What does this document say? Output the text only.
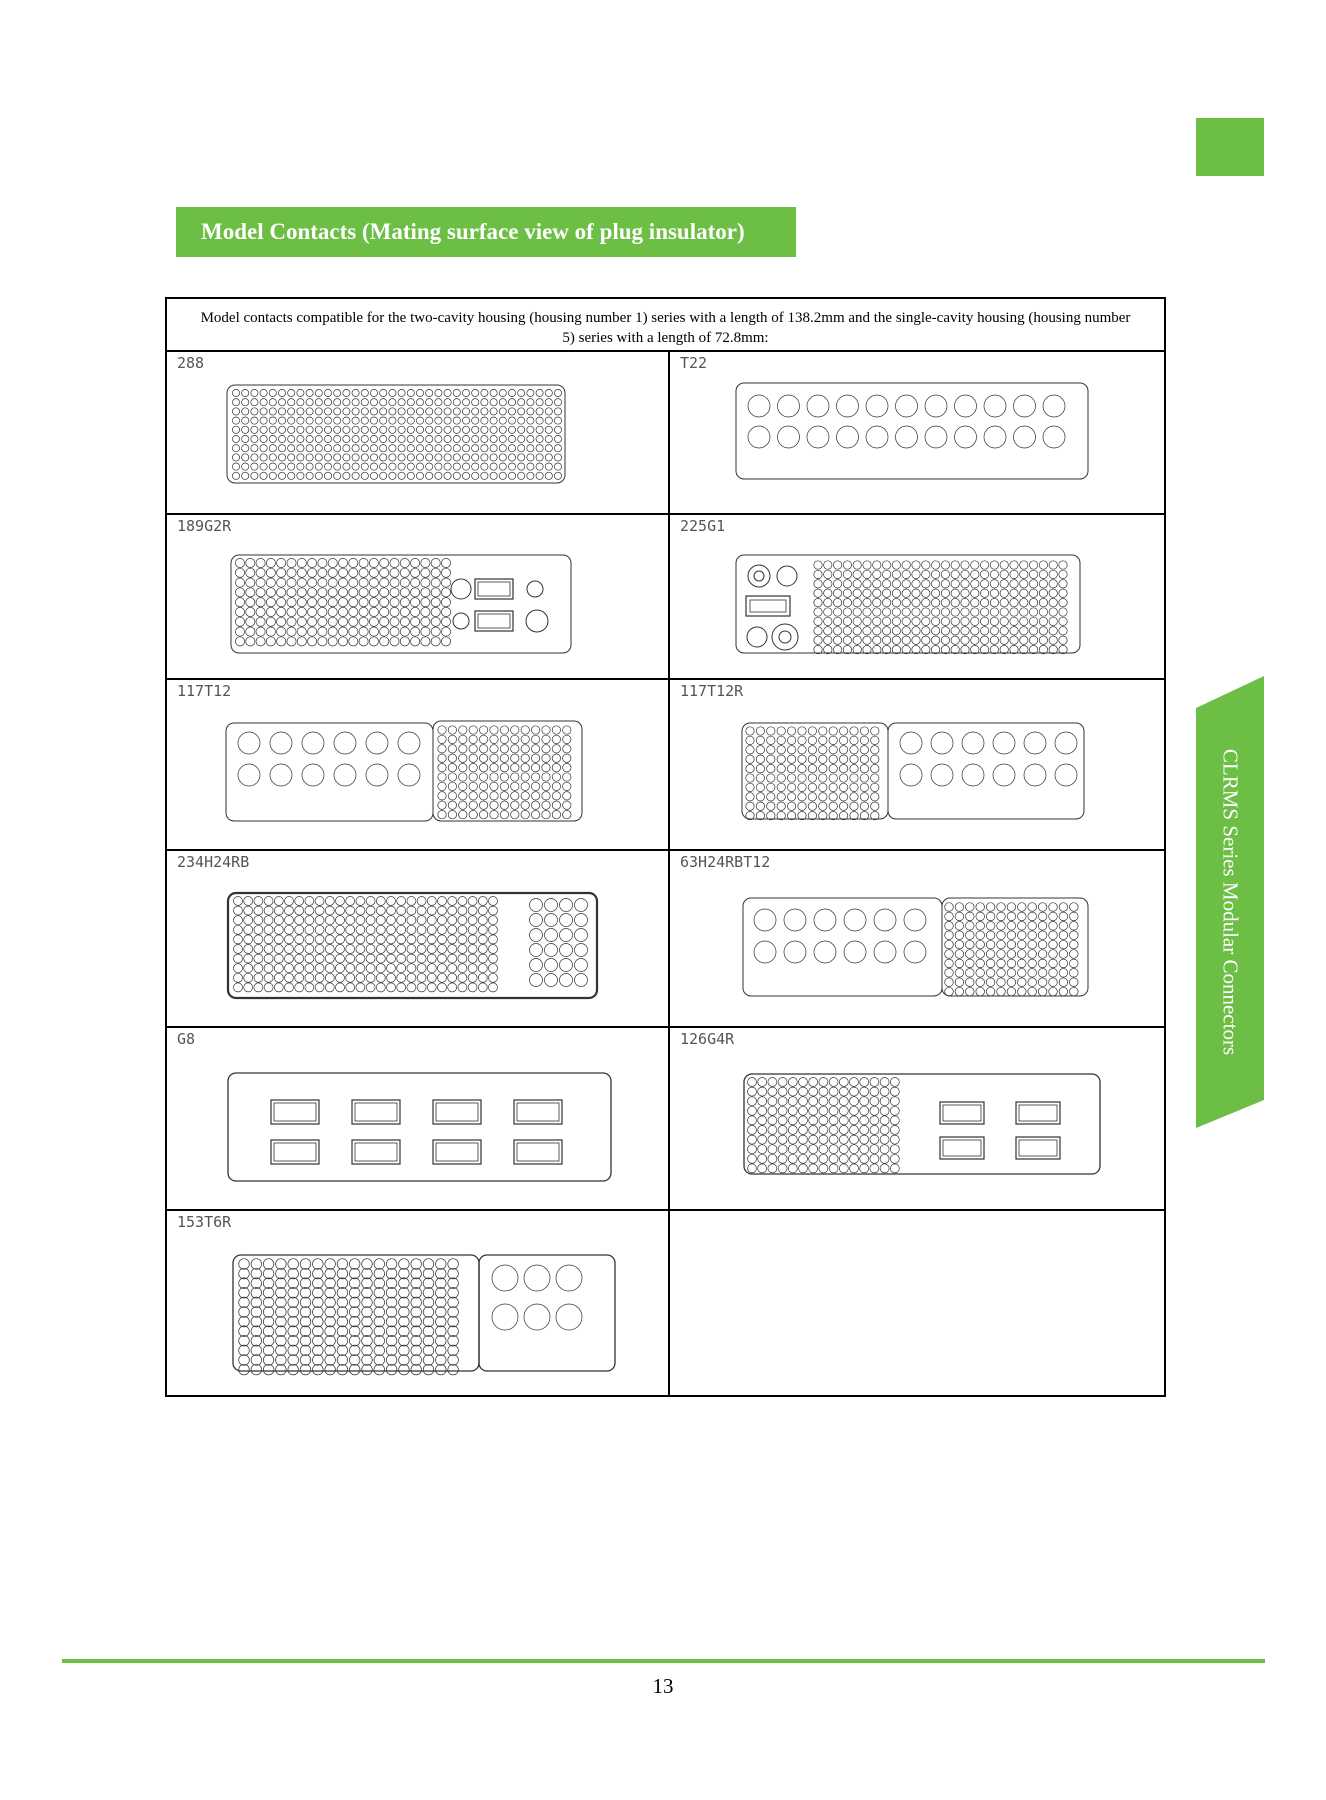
Model Contacts (Mating surface view of plug insulator)
CLRMS Series Modular Connectors
Model contacts compatible for the two-cavity housing (housing number 1) series with a length of 138.2mm and the single-cavity housing (housing number
5) series with a length of 72.8mm:
288	T22
189G2R	225G1
117T12	117T12R
234H24RB	63H24RBT12
G8	126G4R
153T6R
13
